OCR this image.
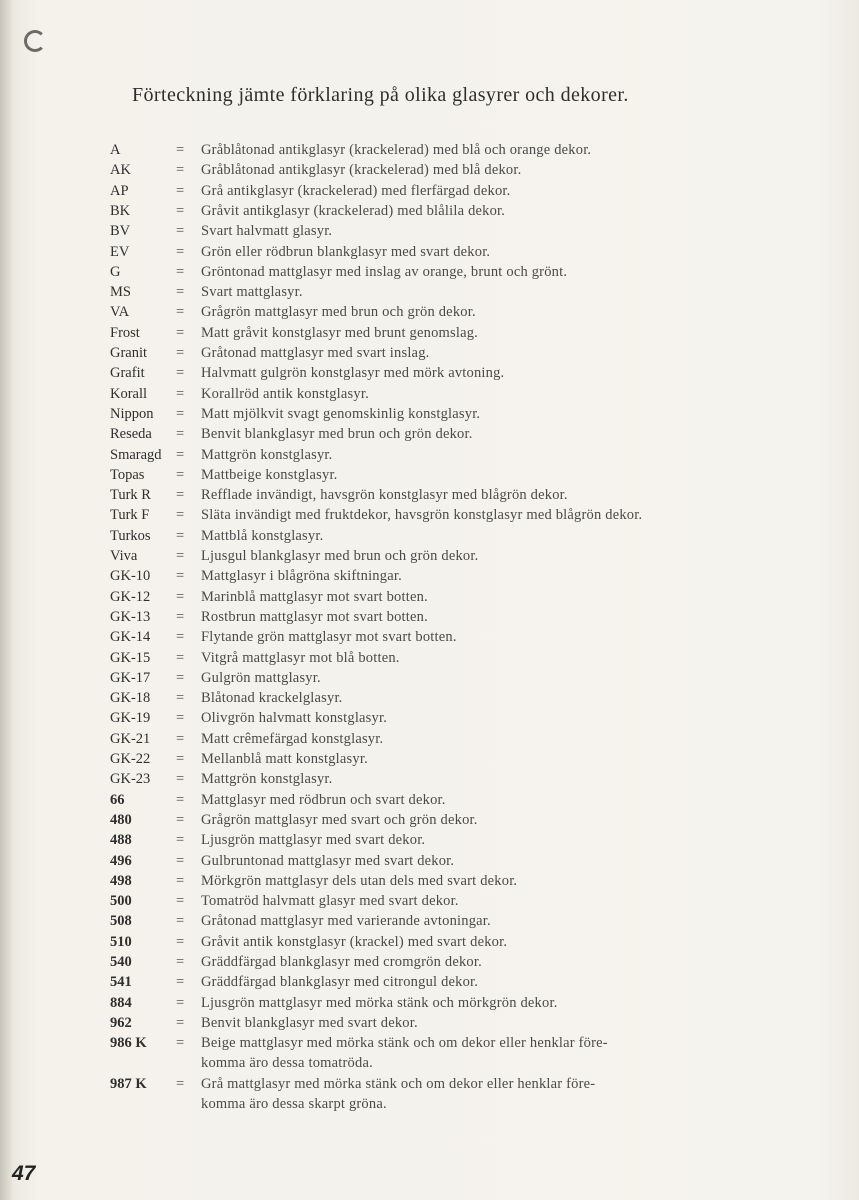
Förteckning jämte förklaring på olika glasyrer och dekorer.
A	= Gråblåtonad antikglasyr (krackelerad) med blå och orange dekor.
AK	= Gråblåtonad antikglasyr (krackelerad) med blå dekor.
AP	= Grå antikglasyr (krackelerad) med flerfärgad dekor.
BK	= Gråvit antikglasyr (krackelerad) med blålila dekor.
BV	= Svart halvmatt glasyr.
EV	= Grön eller rödbrun blankglasyr med svart dekor.
G	= Gröntonad mattglasyr med inslag av orange, brunt och grönt.
MS	= Svart mattglasyr.
VA	= Grågrön mattglasyr med brun och grön dekor.
Frost	= Matt gråvit konstglasyr med brunt genomslag.
Granit	= Gråtonad mattglasyr med svart inslag.
Grafit	= Halvmatt gulgrön konstglasyr med mörk avtoning.
Korall	= Korallröd antik konstglasyr.
Nippon	= Matt mjölkvit svagt genomskinlig konstglasyr.
Reseda	= Benvit blankglasyr med brun och grön dekor.
Smaragd = Mattgrön konstglasyr.
Topas	= Mattbeige konstglasyr.
Turk R	= Refflade invändigt, havsgrön konstglasyr med blågrön dekor.
Turk F	= Släta invändigt med fruktdekor, havsgrön konstglasyr med blågrön dekor.
Turkos	= Mattblå konstglasyr.
Viva	= Ljusgul blankglasyr med brun och grön dekor.
GK-10	= Mattglasyr i blågröna skiftningar.
GK-12	= Marinblå mattglasyr mot svart botten.
GK-13	= Rostbrun mattglasyr mot svart botten.
GK-14	= Flytande grön mattglasyr mot svart botten.
GK-15	= Vitgrå mattglasyr mot blå botten.
GK-17	= Gulgrön mattglasyr.
GK-18	= Blåtonad krackelglasyr.
GK-19	= Olivgrön halvmatt konstglasyr.
GK-21	= Matt crêmefärgad konstglasyr.
GK-22	= Mellanblå matt konstglasyr.
GK-23	= Mattgrön konstglasyr.
66	= Mattglasyr med rödbrun och svart dekor.
480	= Grågrön mattglasyr med svart och grön dekor.
488	= Ljusgrön mattglasyr med svart dekor.
496	= Gulbruntonad mattglasyr med svart dekor.
498	= Mörkgrön mattglasyr dels utan dels med svart dekor.
500	= Tomatröd halvmatt glasyr med svart dekor.
508	= Gråtonad mattglasyr med varierande avtoningar.
510	= Gråvit antik konstglasyr (krackel) med svart dekor.
540	= Gräddfärgad blankglasyr med cromgrön dekor.
541	= Gräddfärgad blankglasyr med citrongul dekor.
884	= Ljusgrön mattglasyr med mörka stänk och mörkgrön dekor.
962	= Benvit blankglasyr med svart dekor.
986 K	= Beige mattglasyr med mörka stänk och om dekor eller henklar före-
komma äro dessa tomatröda.
987 K	= Grå mattglasyr med mörka stänk och om dekor eller henklar före-
komma äro dessa skarpt gröna.
47
